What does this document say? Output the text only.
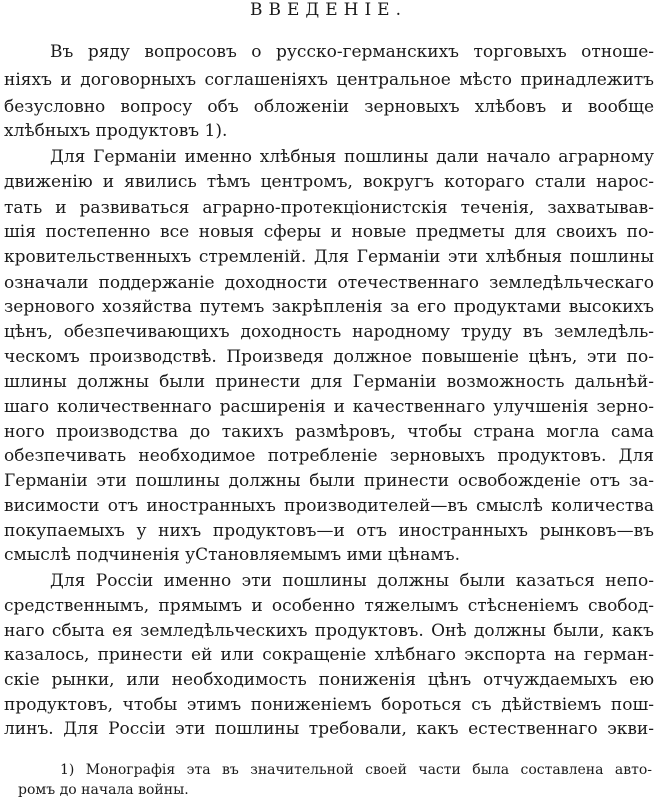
ВВЕДЕНІЕ.
Въ ряду вопросовъ о русско-германскихъ торговыхъ отноше-
ніяхъ и договорныхъ соглашеніяхъ центральное мѣсто принадлежитъ
безусловно вопросу объ обложеніи зерновыхъ хлѣбовъ и вообще
хлѣбныхъ продуктовъ 1).
Для Германіи именно хлѣбныя пошлины дали начало аграрному
движенію и явились тѣмъ центромъ, вокругъ котораго стали нарос-
тать и развиваться аграрно-протекціонистскія теченія, захватывав-
шія постепенно все новыя сферы и новые предметы для своихъ по-
кровительственныхъ стремленій. Для Германіи эти хлѣбныя пошлины
означали поддержаніе доходности отечественнаго земледѣльческаго
зернового хозяйства путемъ закрѣпленія за его продуктами высокихъ
цѣнъ, обезпечивающихъ доходность народному труду въ земледѣль-
ческомъ производствѣ. Произведя должное повышеніе цѣнъ, эти по-
шлины должны были принести для Германіи возможность дальнѣй-
шаго количественнаго расширенія и качественнаго улучшенія зерно-
ного производства до такихъ размѣровъ, чтобы страна могла сама
обезпечивать необходимое потребленіе зерновыхъ продуктовъ. Для
Германіи эти пошлины должны были принести освобожденіе отъ за-
висимости отъ иностранныхъ производителей—въ смыслѣ количества
покупаемыхъ у нихъ продуктовъ—и отъ иностранныхъ рынковъ—въ
смыслѣ подчиненія уСтановляемымъ ими цѣнамъ.
Для Россіи именно эти пошлины должны были казаться непо-
средственнымъ, прямымъ и особенно тяжелымъ стѣсненіемъ свобод-
наго сбыта ея земледѣльческихъ продуктовъ. Онѣ должны были, какъ
казалось, принести ей или сокращеніе хлѣбнаго экспорта на герман-
скіе рынки, или необходимость пониженія цѣнъ отчуждаемыхъ ею
продуктовъ, чтобы этимъ пониженіемъ бороться съ дѣйствіемъ пош-
линъ. Для Россіи эти пошлины требовали, какъ естественнаго экви-
1) Монографія эта въ значительной своей части была составлена авто-
ромъ до начала войны.
